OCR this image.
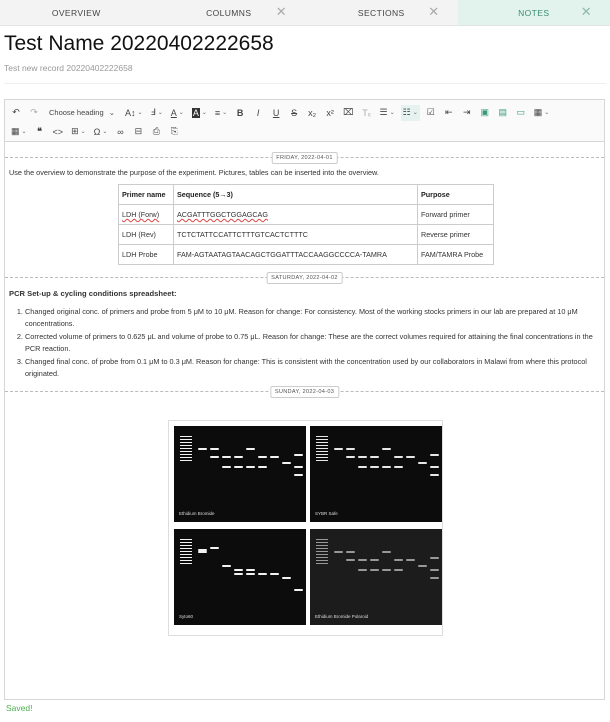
OVERVIEW	COLUMNS ✕	SECTIONS ✕	NOTES ✕
Test Name 20220402222658
Test new record 20220402222658
↶	↷	Choose heading ⌄ A↕ ⌄ Ⅎ ⌄ A ⌄ A ⌄ ≡ ⌄ B I U S	x₂	x²	⌧ Tₓ ☰ ⌄ ☷ ⌄ ☑	⇤	⇥	▣	▤	▭ ▦ ⌄
▦ ⌄ ❝ <> ⊞ ⌄ Ω ⌄	∞	⊟	⎙	⎘
FRIDAY, 2022-04-01

Use the overview to demonstrate the purpose of the experiment. Pictures, tables can be inserted into the overview.

Primer name	Sequence (5→3)	Purpose
LDH (Forw)	ACGATTTGGCTGGAGCAG	Forward primer
LDH (Rev)	TCTCTATTCCATTCTTTGTCACTCTTTC	Reverse primer
LDH Probe	FAM-AGTAATAGTAACAGCTGGATTTACCAAGGCCCCA-TAMRA	FAM/TAMRA Probe
SATURDAY, 2022-04-02

PCR Set-up & cycling conditions spreadsheet:

1. Changed original conc. of primers and probe from 5 μM to 10 μM. Reason for change: For consistency. Most of the working stocks primers in our lab are prepared at 10 μM concentrations.
2. Corrected volume of primers to 0.625 μL and volume of probe to 0.75 μL. Reason for change: These are the correct volumes required for attaining the final concentrations in the PCR reaction.
3. Changed final conc. of probe from 0.1 μM to 0.3 μM. Reason for change: This is consistent with the concentration used by our collaborators in Malawi from where this protocol originated.
SUNDAY, 2022-04-03
Ethidium Bromide	SYBR Safe
Syto60	Ethidium Bromide Polaroid
Saved!
